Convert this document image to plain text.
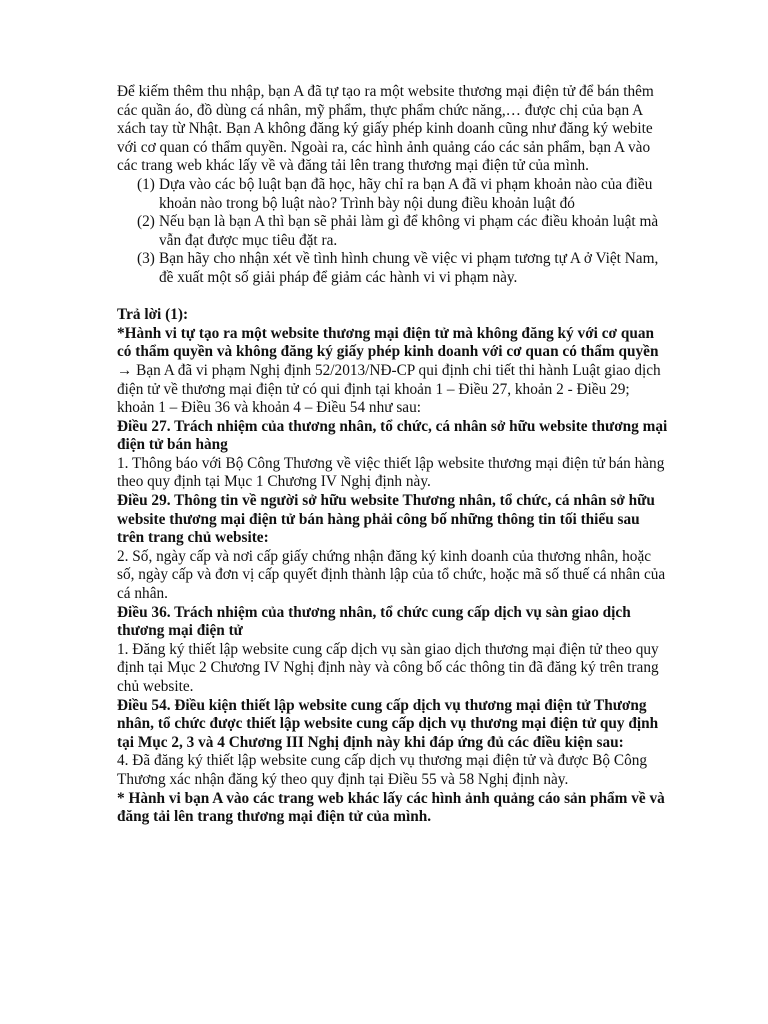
Để kiếm thêm thu nhập, bạn A đã tự tạo ra một website thương mại điện tử để bán thêm các quần áo, đồ dùng cá nhân, mỹ phẩm, thực phẩm chức năng,… được chị của bạn A xách tay từ Nhật. Bạn A không đăng ký giấy phép kinh doanh cũng như đăng ký webite với cơ quan có thẩm quyền. Ngoài ra, các hình ảnh quảng cáo các sản phẩm, bạn A vào các trang web khác lấy về và đăng tải lên trang thương mại điện tử của mình.

(1) Dựa vào các bộ luật bạn đã học, hãy chỉ ra bạn A đã vi phạm khoản nào của điều khoản nào trong bộ luật nào? Trình bày nội dung điều khoản luật đó
(2) Nếu bạn là bạn A thì bạn sẽ phải làm gì để không vi phạm các điều khoản luật mà vẫn đạt được mục tiêu đặt ra.
(3) Bạn hãy cho nhận xét về tình hình chung về việc vi phạm tương tự A ở Việt Nam, đề xuất một số giải pháp để giảm các hành vi vi phạm này.

Trả lời (1):

*Hành vi tự tạo ra một website thương mại điện tử mà không đăng ký với cơ quan có thẩm quyền và không đăng ký giấy phép kinh doanh với cơ quan có thẩm quyền

→ Bạn A đã vi phạm Nghị định 52/2013/NĐ-CP qui định chi tiết thi hành Luật giao dịch điện tử về thương mại điện tử có qui định tại khoản 1 – Điều 27, khoản 2 - Điều 29; khoản 1 – Điều 36 và khoản 4 – Điều 54 như sau:

Điều 27. Trách nhiệm của thương nhân, tổ chức, cá nhân sở hữu website thương mại điện tử bán hàng

1. Thông báo với Bộ Công Thương về việc thiết lập website thương mại điện tử bán hàng theo quy định tại Mục 1 Chương IV Nghị định này.

Điều 29. Thông tin về người sở hữu website Thương nhân, tổ chức, cá nhân sở hữu website thương mại điện tử bán hàng phải công bố những thông tin tối thiểu sau trên trang chủ website:

2. Số, ngày cấp và nơi cấp giấy chứng nhận đăng ký kinh doanh của thương nhân, hoặc số, ngày cấp và đơn vị cấp quyết định thành lập của tổ chức, hoặc mã số thuế cá nhân của cá nhân.

Điều 36. Trách nhiệm của thương nhân, tổ chức cung cấp dịch vụ sàn giao dịch thương mại điện tử

1. Đăng ký thiết lập website cung cấp dịch vụ sàn giao dịch thương mại điện tử theo quy định tại Mục 2 Chương IV Nghị định này và công bố các thông tin đã đăng ký trên trang chủ website.

Điều 54. Điều kiện thiết lập website cung cấp dịch vụ thương mại điện tử Thương nhân, tổ chức được thiết lập website cung cấp dịch vụ thương mại điện tử quy định tại Mục 2, 3 và 4 Chương III Nghị định này khi đáp ứng đủ các điều kiện sau:

4. Đã đăng ký thiết lập website cung cấp dịch vụ thương mại điện tử và được Bộ Công Thương xác nhận đăng ký theo quy định tại Điều 55 và 58 Nghị định này.

* Hành vi bạn A vào các trang web khác lấy các hình ảnh quảng cáo sản phẩm về và đăng tải lên trang thương mại điện tử của mình.
